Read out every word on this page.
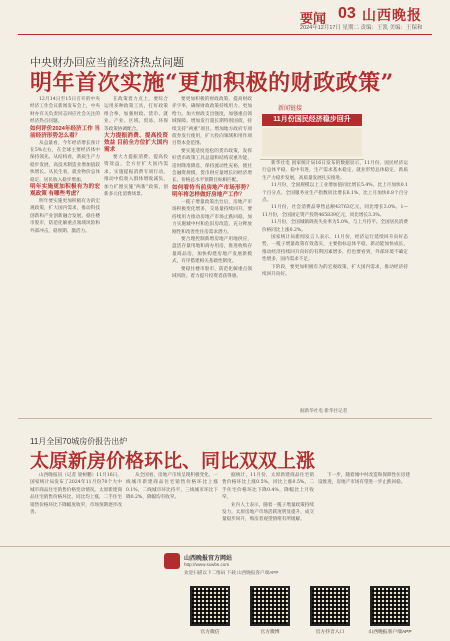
要闻 03 山西晚报
2024年12月17日 星期二 责编：王凯 美编：王保和
中央财办回应当前经济热点问题
明年首次实施“更加积极的财政政策”

12月14日至15日召开的中央经济工作会议新闻发布会上，中央财办有关负责同志回应社会关注的经济热点问题。

如何评价2024年经济工作 当前经济形势怎么看？

从总量看，今年经济增长预计在5%左右，在全球主要经济体中保持领先。从结构看，新质生产力稳步发展，高技术制造业增加值较快增长。从民生看，就业物价总体稳定，居民收入稳步增加。

明年实施更加积极有为的宏观政策 有哪些考虑？

明年要实施更加积极有为的宏观政策，扩大国内需求，推动科技创新和产业创新融合发展，稳住楼市股市，防范化解重点领域风险和外部冲击，稳预期、激活力。

要更加积极的财政政策，提高财政赤字率，确保财政政策持续用力、更加给力。加大财政支出强度，加强重点领域保障。增加发行超长期特别国债，持续支持“两重”项目。增加地方政府专项债券发行使用，扩大投向领域和用作项目资本金范围。

要实施适度宽松的货币政策，发挥好货币政策工具总量和结构双重功能，适时降准降息，保持流动性充裕，使社会融资规模、货币供应量增长同经济增长、价格总水平预期目标相匹配。

如何看待当前房地产市场形势？ 明年将怎样做好房地产工作？

一揽子增量政策出台后，房地产市场积极变化增多，交易量持续回升。要持续用力推动房地产市场止跌回稳，加力实施城中村和危旧房改造，充分释放刚性和改善性住房需求潜力。

要合理控制新增房地产用地供应，盘活存量用地和商办用房，推进收购存量商品房，加快构建房地产发展新模式，有序搭建相关基础性制度。

要稳住楼市股市，防范化解重点领域风险，着力提升投资者获得感。

在政策着力点上，要综合运用多种政策工具，打好政策组合拳，加强财政、货币、就业、产业、区域、贸易、环保等政策协调配合。

大力提振消费、提高投资效益 目前全方位扩大国内需求

要大力提振消费、提高投资效益，全方位扩大国内需求。实施提振消费专项行动，推动中低收入群体增收减负，加力扩围实施“两新”政策，创新多元化消费场景。

新闻链接
11月份国民经济稳步回升

新华社电 国家统计局16日发布的数据显示，11月份，国民经济运行总体平稳、稳中有进，生产需求基本稳定，就业形势总体稳定，新质生产力稳步发展，高质量发展扎实推进。

11月份，全国规模以上工业增加值同比增长5.4%，比上月加快0.1个百分点。全国服务业生产指数同比增长6.1%，比上月加快0.8个百分点。

11月份，社会消费品零售总额43763亿元，同比增长3.0%。1—11月份，全国固定资产投资465839亿元，同比增长3.3%。

11月份，全国城镇调查失业率为5.0%，与上月持平。全国居民消费价格同比上涨0.2%。

国家统计局新闻发言人表示，11月份，经济运行延续回升向好态势，一揽子增量政策有效落实，主要指标总体平稳，新动能加快成长，推动经济持续回升向好的有利因素增多，但也要看到，外部环境不确定性增多，国内需求不足。

下阶段，要更加积极有为的宏观政策，扩大国内需求，推动经济持续回升向好。

据新华社电 新华社记者
11月全国70城房价报告出炉
太原新房价格环比、同比双双上涨

山西晚报讯（记者 梁树鹏）11月16日，国家统计局发布了2024年11月份70个大中城市商品住宅销售价格变动情况。太原新建商品住宅销售价格环比、同比均上涨，二手住宅销售价格环比下降幅度收窄，市场预期逐步改善。

从全国看，房地产市场呈现积极变化，一线城市新建商品住宅销售价格环比上涨0.1%，二线城市环比持平，三线城市环比下降0.2%，降幅均有收窄。

据统计，11月份，太原新建商品住宅销售价格环比上涨0.5%，同比上涨0.5%。二手住宅价格环比下降0.4%，降幅比上月收窄。

业内人士表示，随着一揽子增量政策持续发力，太原房地产市场活跃度明显提升，成交量稳步回升，购房者观望情绪有所缓解。

下一步，随着城中村改造和保障性住房建设推进，房地产市场有望进一步止跌回稳。

山西晚报官方网站
http://www.sxwbs.com
欢迎扫描以下二维码 下载 山西晚报客户端APP
官方微信	官方微博	官方抖音入口	山西晚报客户端APP
